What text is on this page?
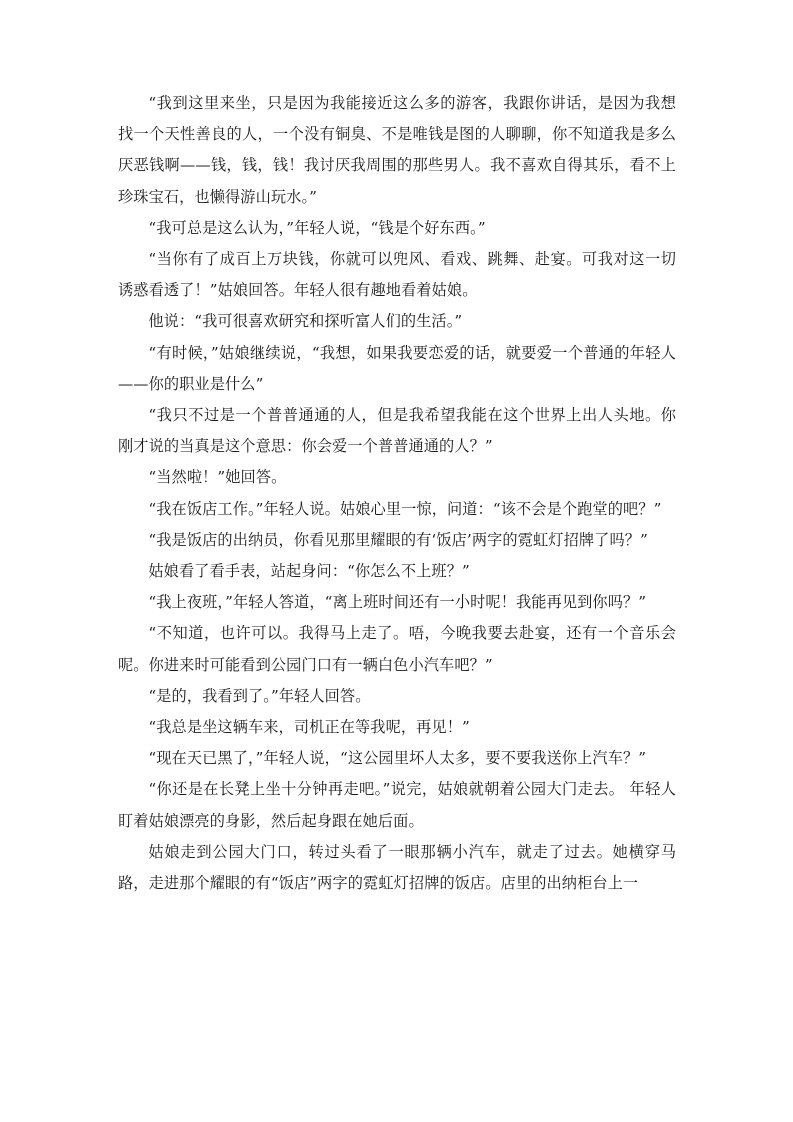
“我到这里来坐，只是因为我能接近这么多的游客，我跟你讲话，是因为我想找一个天性善良的人，一个没有铜臭、不是唯钱是图的人聊聊，你不知道我是多么厌恶钱啊——钱，钱，钱！我讨厌我周围的那些男人。我不喜欢自得其乐，看不上珍珠宝石，也懒得游山玩水。”

“我可总是这么认为，”年轻人说，“钱是个好东西。”

“当你有了成百上万块钱，你就可以兜风、看戏、跳舞、赴宴。可我对这一切诱惑看透了！”姑娘回答。年轻人很有趣地看着姑娘。

他说：“我可很喜欢研究和探听富人们的生活。”

“有时候，”姑娘继续说，“我想，如果我要恋爱的话，就要爱一个普通的年轻人——你的职业是什么”

“我只不过是一个普普通通的人，但是我希望我能在这个世界上出人头地。你刚才说的当真是这个意思：你会爱一个普普通通的人？”

“当然啦！”她回答。

“我在饭店工作。”年轻人说。姑娘心里一惊，问道：“该不会是个跑堂的吧？”

“我是饭店的出纳员，你看见那里耀眼的有‘饭店’两字的霓虹灯招牌了吗？”

姑娘看了看手表，站起身问：“你怎么不上班？”

“我上夜班，”年轻人答道，“离上班时间还有一小时呢！我能再见到你吗？”

“不知道，也许可以。我得马上走了。唔，今晚我要去赴宴，还有一个音乐会呢。你进来时可能看到公园门口有一辆白色小汽车吧？”

“是的，我看到了。”年轻人回答。

“我总是坐这辆车来，司机正在等我呢，再见！”

“现在天已黑了，”年轻人说，“这公园里坏人太多，要不要我送你上汽车？”

“你还是在长凳上坐十分钟再走吧。”说完，姑娘就朝着公园大门走去。 年轻人盯着姑娘漂亮的身影，然后起身跟在她后面。

姑娘走到公园大门口，转过头看了一眼那辆小汽车，就走了过去。她横穿马路，走进那个耀眼的有“饭店”两字的霓虹灯招牌的饭店。店里的出纳柜台上一
